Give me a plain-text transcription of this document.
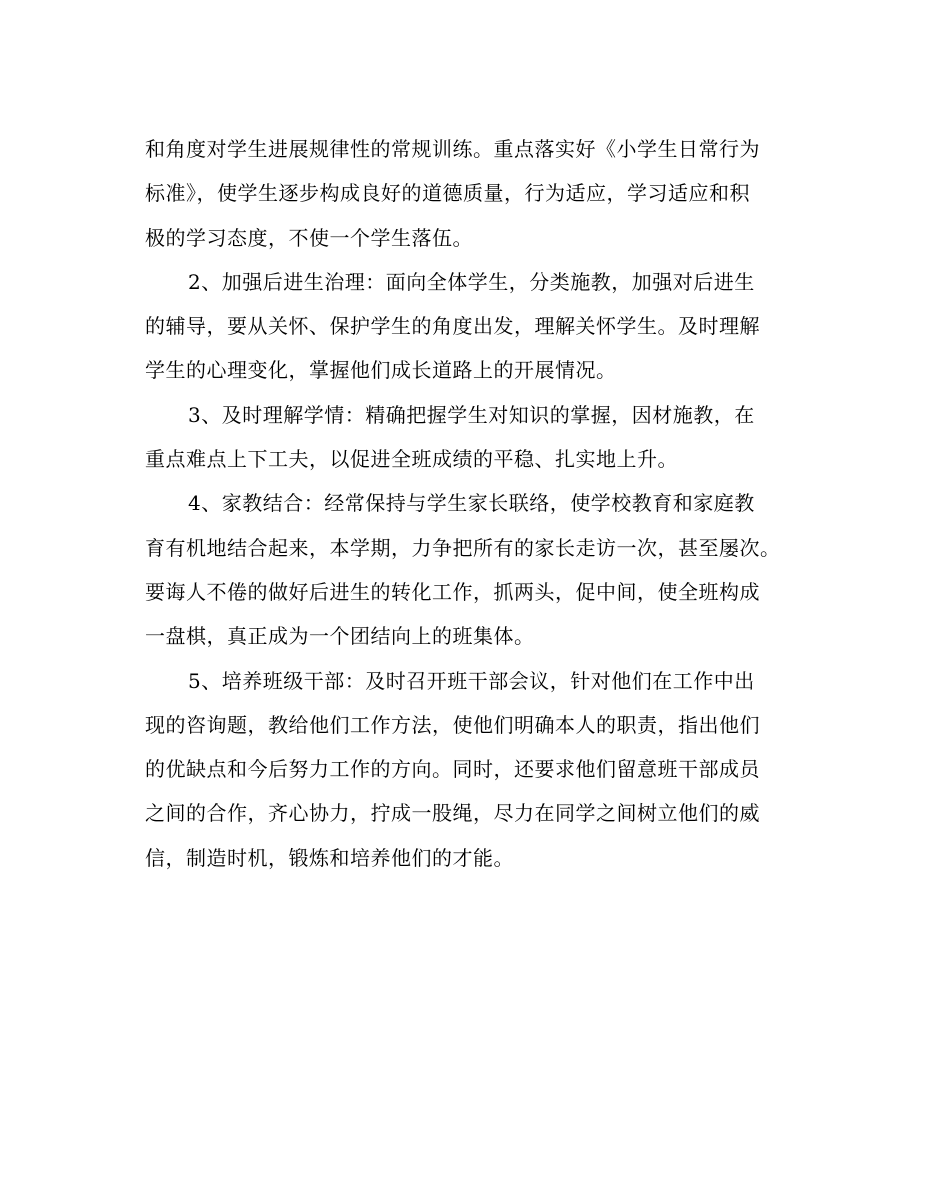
和角度对学生进展规律性的常规训练。重点落实好《小学生日常行为
标准》，使学生逐步构成良好的道德质量，行为适应，学习适应和积
极的学习态度，不使一个学生落伍。
2、加强后进生治理：面向全体学生，分类施教，加强对后进生
的辅导，要从关怀、保护学生的角度出发，理解关怀学生。及时理解
学生的心理变化，掌握他们成长道路上的开展情况。
3、及时理解学情：精确把握学生对知识的掌握，因材施教，在
重点难点上下工夫，以促进全班成绩的平稳、扎实地上升。
4、家教结合：经常保持与学生家长联络，使学校教育和家庭教
育有机地结合起来，本学期，力争把所有的家长走访一次，甚至屡次。
要诲人不倦的做好后进生的转化工作，抓两头，促中间，使全班构成
一盘棋，真正成为一个团结向上的班集体。
5、培养班级干部：及时召开班干部会议，针对他们在工作中出
现的咨询题，教给他们工作方法，使他们明确本人的职责，指出他们
的优缺点和今后努力工作的方向。同时，还要求他们留意班干部成员
之间的合作，齐心协力，拧成一股绳，尽力在同学之间树立他们的威
信，制造时机，锻炼和培养他们的才能。
